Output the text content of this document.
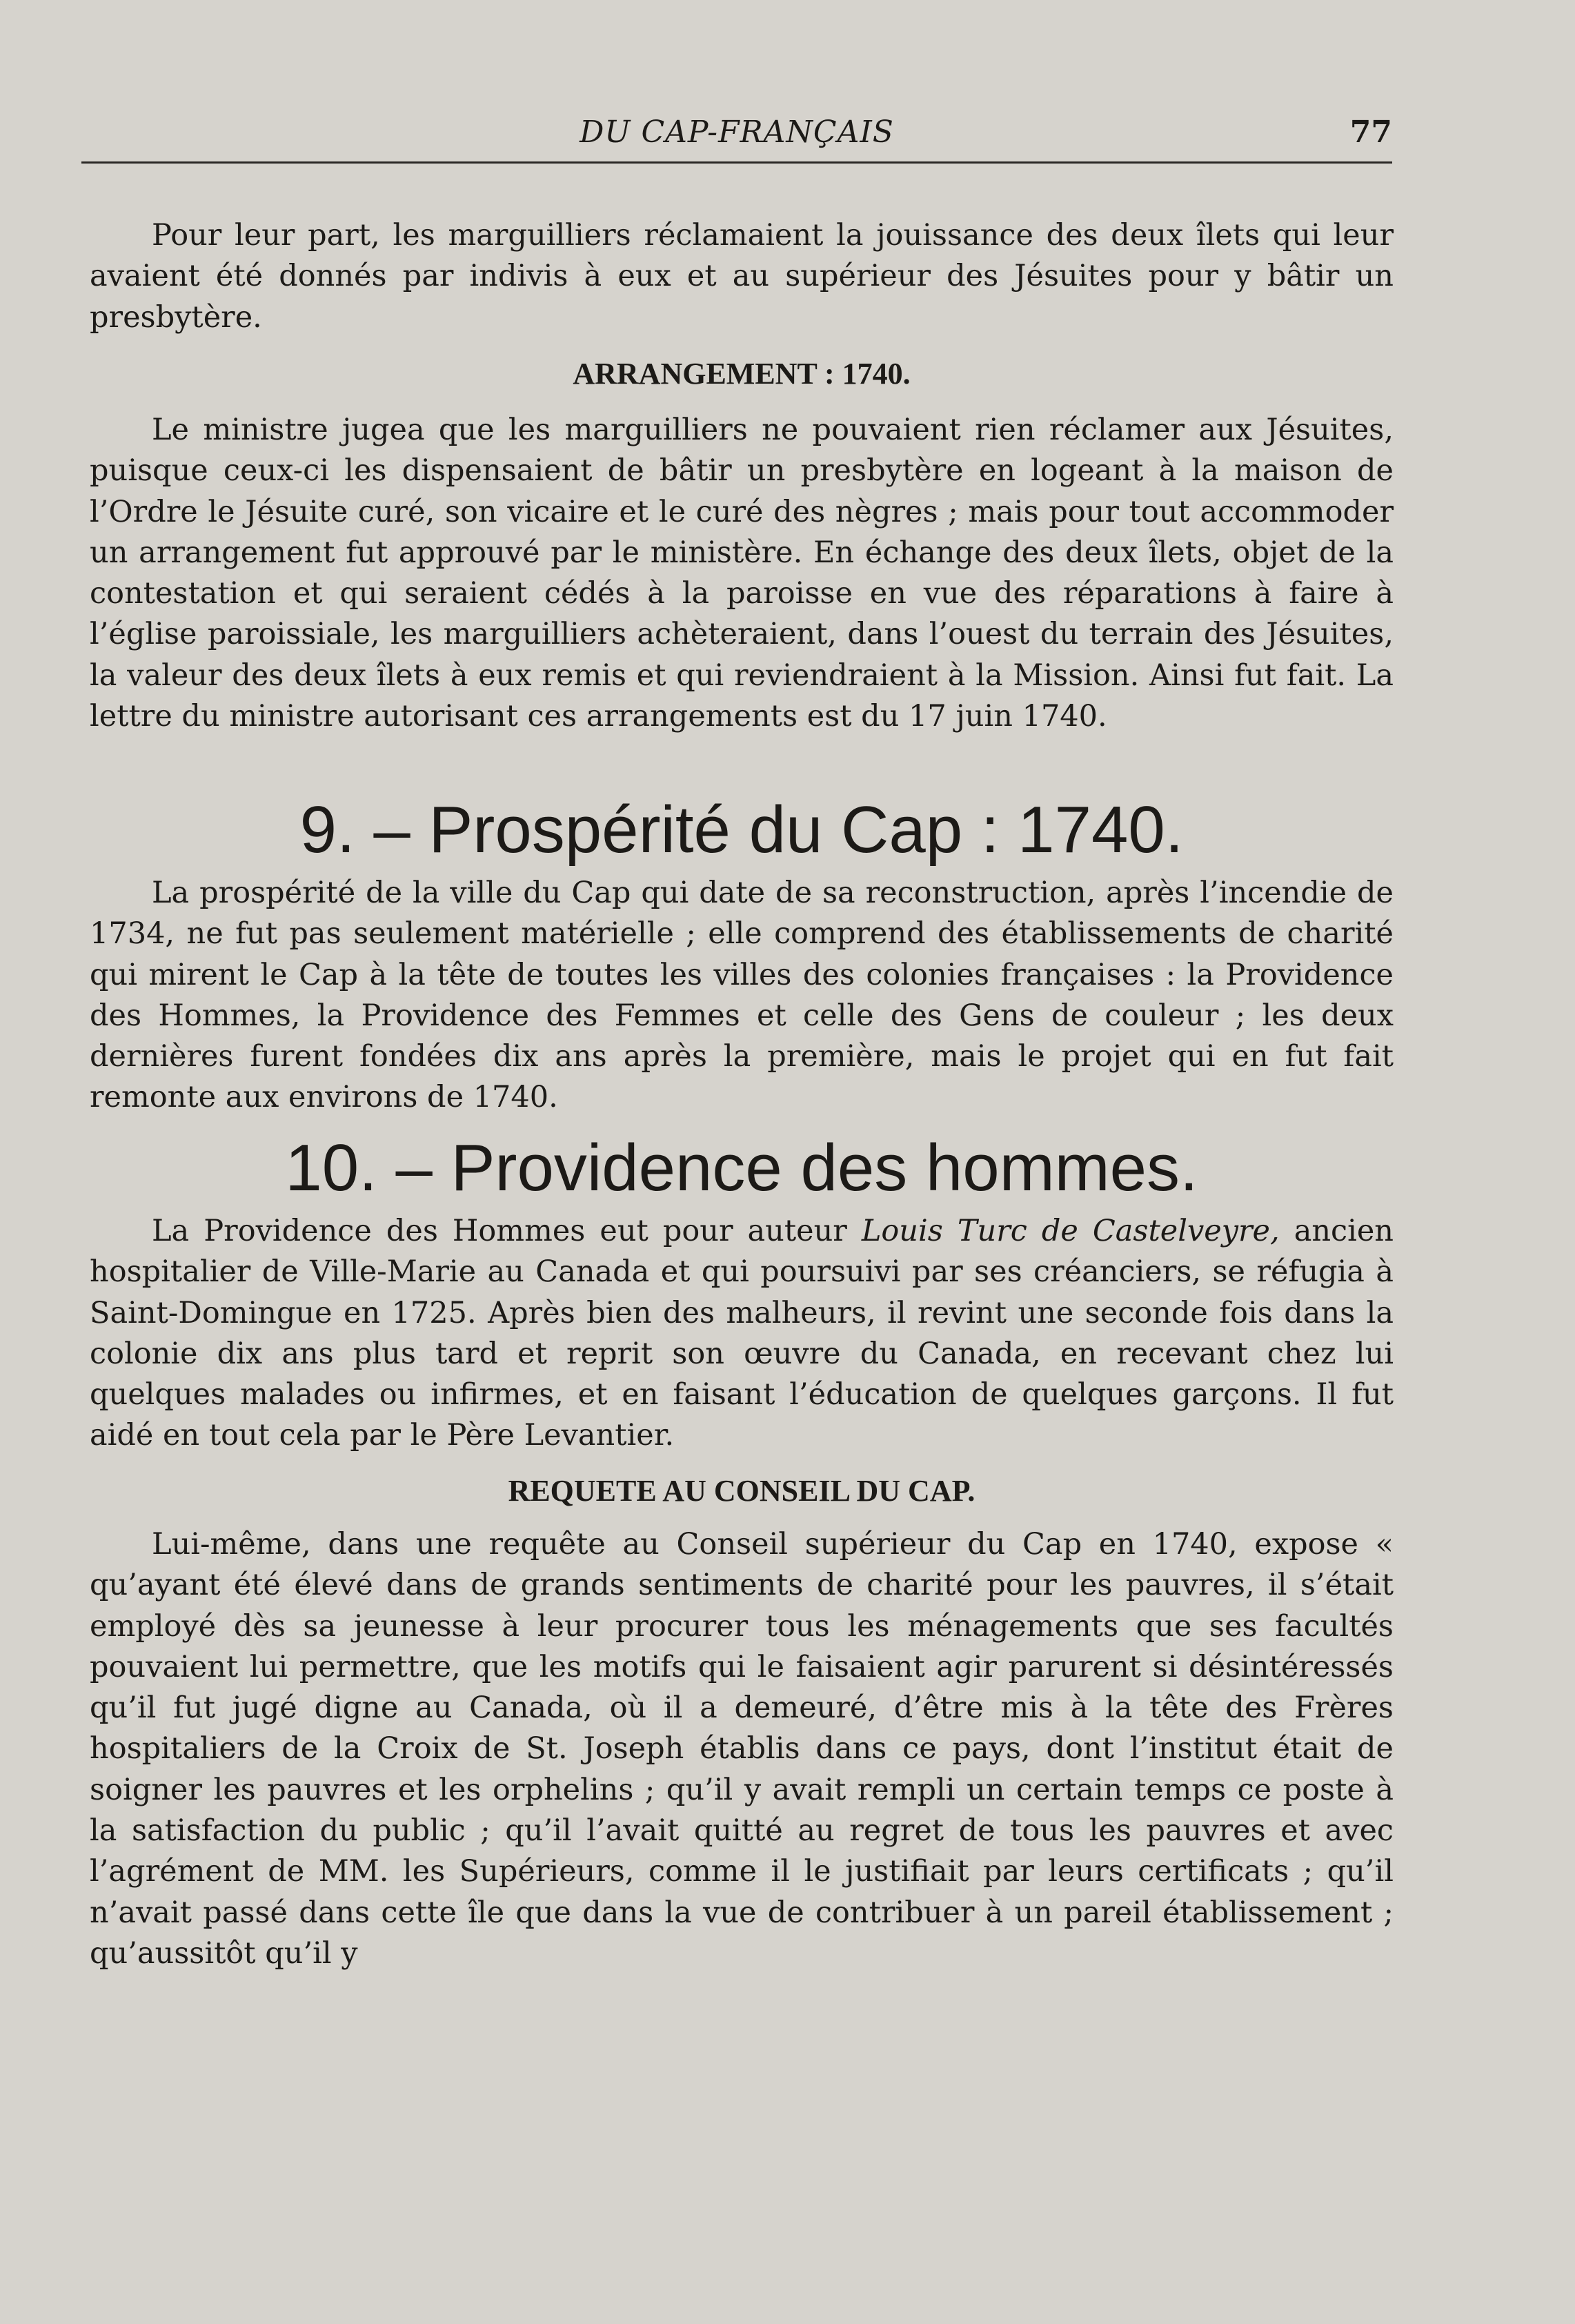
DU CAP-FRANÇAIS	77

Pour leur part, les marguilliers réclamaient la jouissance des deux îlets qui leur avaient été donnés par indivis à eux et au supérieur des Jésuites pour y bâtir un presbytère.

ARRANGEMENT : 1740.

Le ministre jugea que les marguilliers ne pouvaient rien réclamer aux Jésuites, puisque ceux-ci les dispensaient de bâtir un presbytère en logeant à la maison de l’Ordre le Jésuite curé, son vicaire et le curé des nègres ; mais pour tout accommoder un arrangement fut approuvé par le ministère. En échange des deux îlets, objet de la contestation et qui seraient cédés à la paroisse en vue des réparations à faire à l’église paroissiale, les marguilliers achèteraient, dans l’ouest du terrain des Jésuites, la valeur des deux îlets à eux remis et qui reviendraient à la Mission. Ainsi fut fait. La lettre du ministre autorisant ces arrangements est du 17 juin 1740.

9. – Prospérité du Cap : 1740.

La prospérité de la ville du Cap qui date de sa reconstruction, après l’incendie de 1734, ne fut pas seulement matérielle ; elle comprend des établissements de charité qui mirent le Cap à la tête de toutes les villes des colonies françaises : la Providence des Hommes, la Providence des Femmes et celle des Gens de couleur ; les deux dernières furent fondées dix ans après la première, mais le projet qui en fut fait remonte aux environs de 1740.

10. – Providence des hommes.

La Providence des Hommes eut pour auteur Louis Turc de Castelveyre, ancien hospitalier de Ville-Marie au Canada et qui poursuivi par ses créanciers, se réfugia à Saint-Domingue en 1725. Après bien des malheurs, il revint une seconde fois dans la colonie dix ans plus tard et reprit son œuvre du Canada, en recevant chez lui quelques malades ou infirmes, et en faisant l’éducation de quelques garçons. Il fut aidé en tout cela par le Père Levantier.

REQUETE AU CONSEIL DU CAP.

Lui-même, dans une requête au Conseil supérieur du Cap en 1740, expose « qu’ayant été élevé dans de grands sentiments de charité pour les pauvres, il s’était employé dès sa jeunesse à leur procurer tous les ménagements que ses facultés pouvaient lui permettre, que les motifs qui le faisaient agir parurent si désintéressés qu’il fut jugé digne au Canada, où il a demeuré, d’être mis à la tête des Frères hospitaliers de la Croix de St. Joseph établis dans ce pays, dont l’institut était de soigner les pauvres et les orphelins ; qu’il y avait rempli un certain temps ce poste à la satisfaction du public ; qu’il l’avait quitté au regret de tous les pauvres et avec l’agrément de MM. les Supérieurs, comme il le justifiait par leurs certificats ; qu’il n’avait passé dans cette île que dans la vue de contribuer à un pareil établissement ; qu’aussitôt qu’il y
